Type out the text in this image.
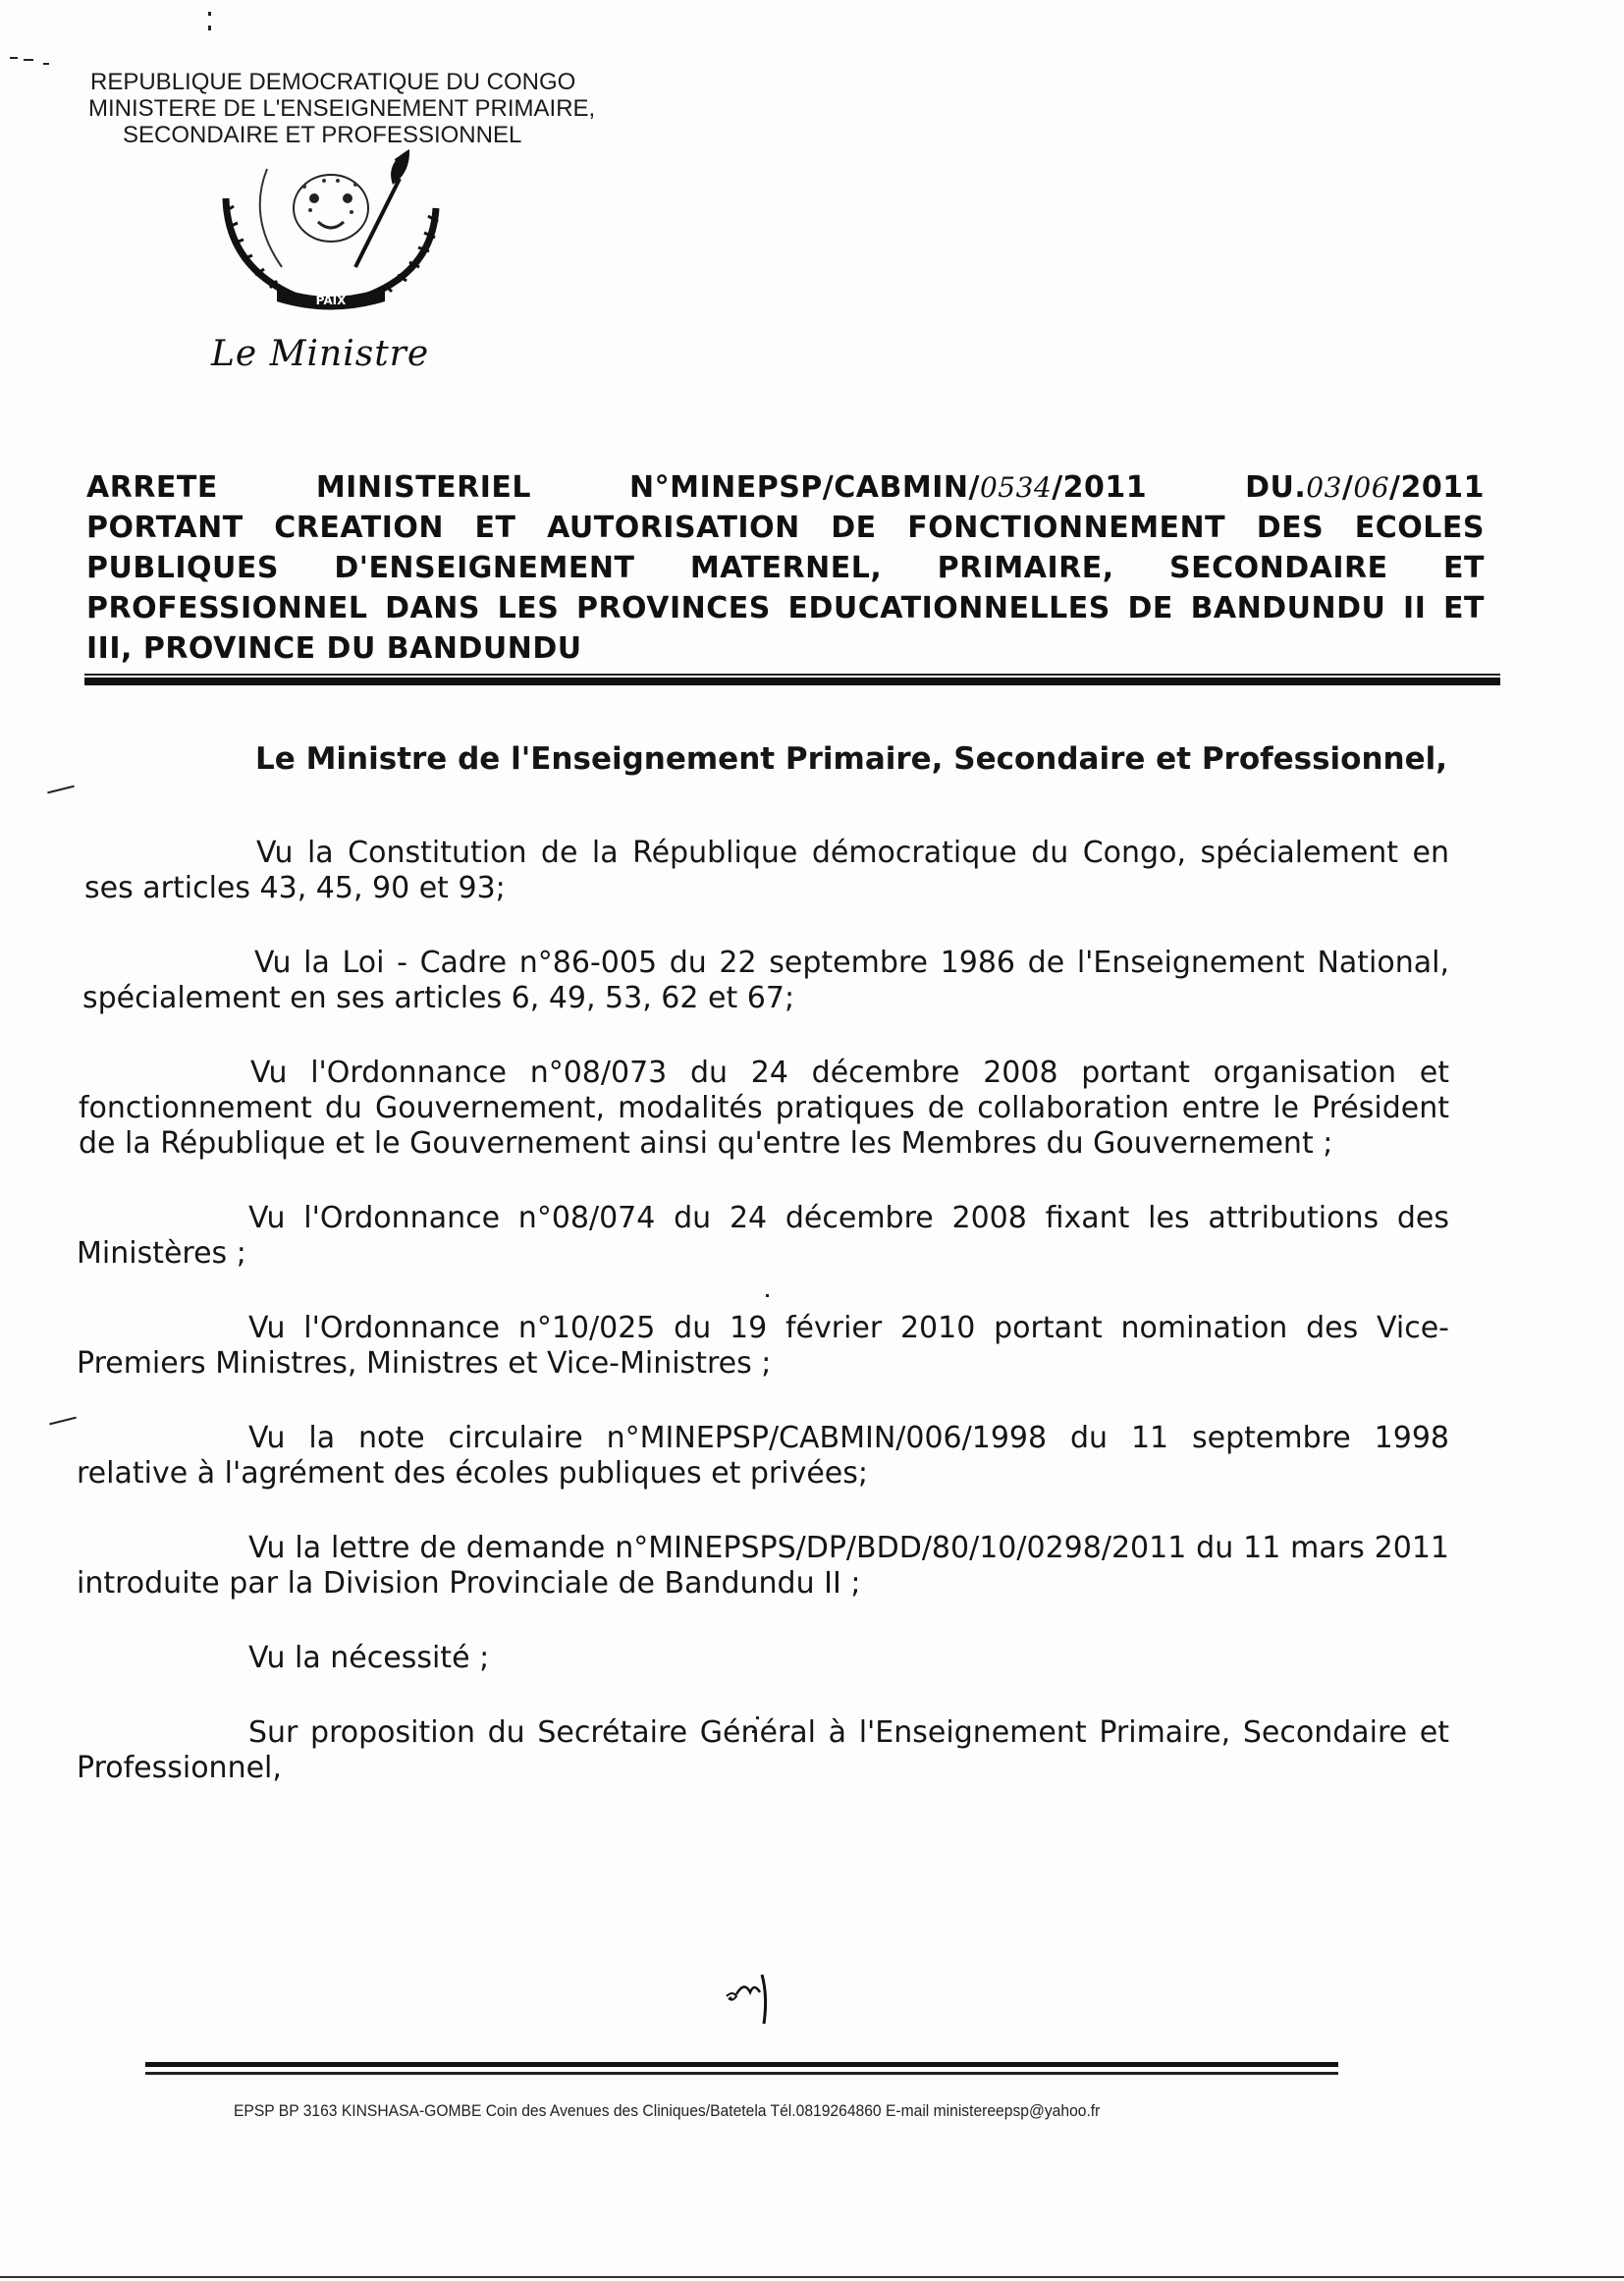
REPUBLIQUE DEMOCRATIQUE DU CONGO
MINISTERE DE L'ENSEIGNEMENT PRIMAIRE,
SECONDAIRE ET PROFESSIONNEL
PAIX
Le Ministre
ARRETE	MINISTERIEL	N°MINEPSP/CABMIN/0534/2011	DU.03/06/2011
PORTANT CREATION ET AUTORISATION DE FONCTIONNEMENT DES ECOLES
PUBLIQUES D'ENSEIGNEMENT MATERNEL, PRIMAIRE, SECONDAIRE ET
PROFESSIONNEL DANS LES PROVINCES EDUCATIONNELLES DE BANDUNDU II ET
III, PROVINCE DU BANDUNDU
Le Ministre de l'Enseignement Primaire, Secondaire et Professionnel,

Vu la Constitution de la République démocratique du Congo, spécialement en ses articles 43, 45, 90 et 93;

Vu la Loi - Cadre n°86-005 du 22 septembre 1986 de l'Enseignement National, spécialement en ses articles 6, 49, 53, 62 et 67;

Vu l'Ordonnance n°08/073 du 24 décembre 2008 portant organisation et fonctionnement du Gouvernement, modalités pratiques de collaboration entre le Président de la République et le Gouvernement ainsi qu'entre les Membres du Gouvernement ;

Vu l'Ordonnance n°08/074 du 24 décembre 2008 fixant les attributions des Ministères ;

Vu l'Ordonnance n°10/025 du 19 février 2010 portant nomination des Vice-Premiers Ministres, Ministres et Vice-Ministres ;

Vu la note circulaire n°MINEPSP/CABMIN/006/1998 du 11 septembre 1998 relative à l'agrément des écoles publiques et privées;

Vu la lettre de demande n°MINEPSPS/DP/BDD/80/10/0298/2011 du 11 mars 2011 introduite par la Division Provinciale de Bandundu II ;

Vu la nécessité ;

Sur proposition du Secrétaire Général à l'Enseignement Primaire, Secondaire et Professionnel,

EPSP BP 3163 KINSHASA-GOMBE Coin des Avenues des Cliniques/Batetela Tél.0819264860 E-mail ministereepsp@yahoo.fr
